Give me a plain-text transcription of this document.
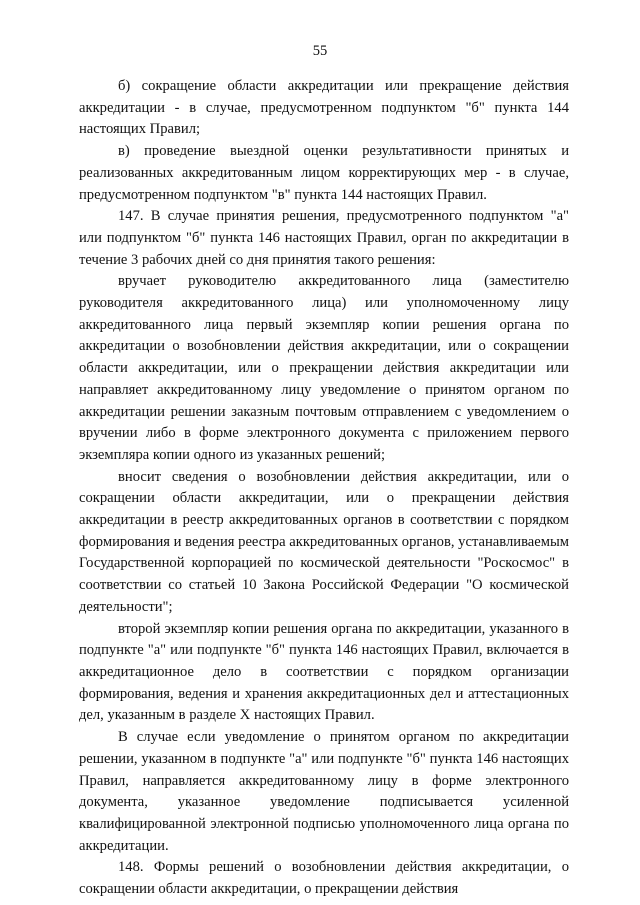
55

б) сокращение области аккредитации или прекращение действия аккредитации - в случае, предусмотренном подпунктом "б" пункта 144 настоящих Правил;

в) проведение выездной оценки результативности принятых и реализованных аккредитованным лицом корректирующих мер - в случае, предусмотренном подпунктом "в" пункта 144 настоящих Правил.

147. В случае принятия решения, предусмотренного подпунктом "а" или подпунктом "б" пункта 146 настоящих Правил, орган по аккредитации в течение 3 рабочих дней со дня принятия такого решения:

вручает руководителю аккредитованного лица (заместителю руководителя аккредитованного лица) или уполномоченному лицу аккредитованного лица первый экземпляр копии решения органа по аккредитации о возобновлении действия аккредитации, или о сокращении области аккредитации, или о прекращении действия аккредитации или направляет аккредитованному лицу уведомление о принятом органом по аккредитации решении заказным почтовым отправлением с уведомлением о вручении либо в форме электронного документа с приложением первого экземпляра копии одного из указанных решений;

вносит сведения о возобновлении действия аккредитации, или о сокращении области аккредитации, или о прекращении действия аккредитации в реестр аккредитованных органов в соответствии с порядком формирования и ведения реестра аккредитованных органов, устанавливаемым Государственной корпорацией по космической деятельности "Роскосмос" в соответствии со статьей 10 Закона Российской Федерации "О космической деятельности";

второй экземпляр копии решения органа по аккредитации, указанного в подпункте "а" или подпункте "б" пункта 146 настоящих Правил, включается в аккредитационное дело в соответствии с порядком организации формирования, ведения и хранения аккредитационных дел и аттестационных дел, указанным в разделе X настоящих Правил.

В случае если уведомление о принятом органом по аккредитации решении, указанном в подпункте "а" или подпункте "б" пункта 146 настоящих Правил, направляется аккредитованному лицу в форме электронного документа, указанное уведомление подписывается усиленной квалифицированной электронной подписью уполномоченного лица органа по аккредитации.

148. Формы решений о возобновлении действия аккредитации, о сокращении области аккредитации, о прекращении действия
